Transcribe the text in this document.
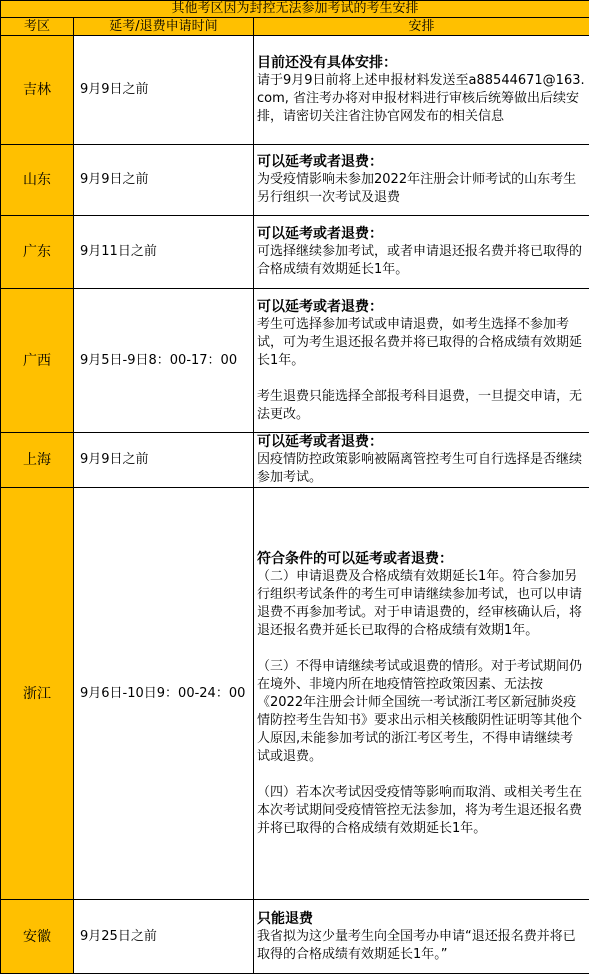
其他考区因为封控无法参加考试的考生安排		
考区	延考/退费申请时间	安排
吉林	9月9日之前	目前还没有具体安排：

请于9月9日前将上述申报材料发送至a88544671@163.com, 省注考办将对申报材料进行审核后统筹做出后续安排，请密切关注省注协官网发布的相关信息

山东	9月9日之前	可以延考或者退费：

为受疫情影响未参加2022年注册会计师考试的山东考生另行组织一次考试及退费

广东	9月11日之前	可以延考或者退费：

可选择继续参加考试，或者申请退还报名费并将已取得的合格成绩有效期延长1年。

广西	9月5日-9日8：00-17：00	可以延考或者退费：

考生可选择参加考试或申请退费，如考生选择不参加考试，可为考生退还报名费并将已取得的合格成绩有效期延长1年。

考生退费只能选择全部报考科目退费，一旦提交申请，无法更改。

上海	9月9日之前	可以延考或者退费：

因疫情防控政策影响被隔离管控考生可自行选择是否继续参加考试。

浙江	9月6日-10日9：00-24：00	符合条件的可以延考或者退费：

（二）申请退费及合格成绩有效期延长1年。符合参加另行组织考试条件的考生可申请继续参加考试，也可以申请退费不再参加考试。对于申请退费的，经审核确认后，将退还报名费并延长已取得的合格成绩有效期1年。

（三）不得申请继续考试或退费的情形。对于考试期间仍在境外、非境内所在地疫情管控政策因素、无法按《2022年注册会计师全国统一考试浙江考区新冠肺炎疫情防控考生告知书》要求出示相关核酸阴性证明等其他个人原因,未能参加考试的浙江考区考生，不得申请继续考试或退费。

（四）若本次考试因受疫情等影响而取消、或相关考生在本次考试期间受疫情管控无法参加，将为考生退还报名费并将已取得的合格成绩有效期延长1年。

安徽	9月25日之前	只能退费

我省拟为这少量考生向全国考办申请“退还报名费并将已取得的合格成绩有效期延长1年。”
